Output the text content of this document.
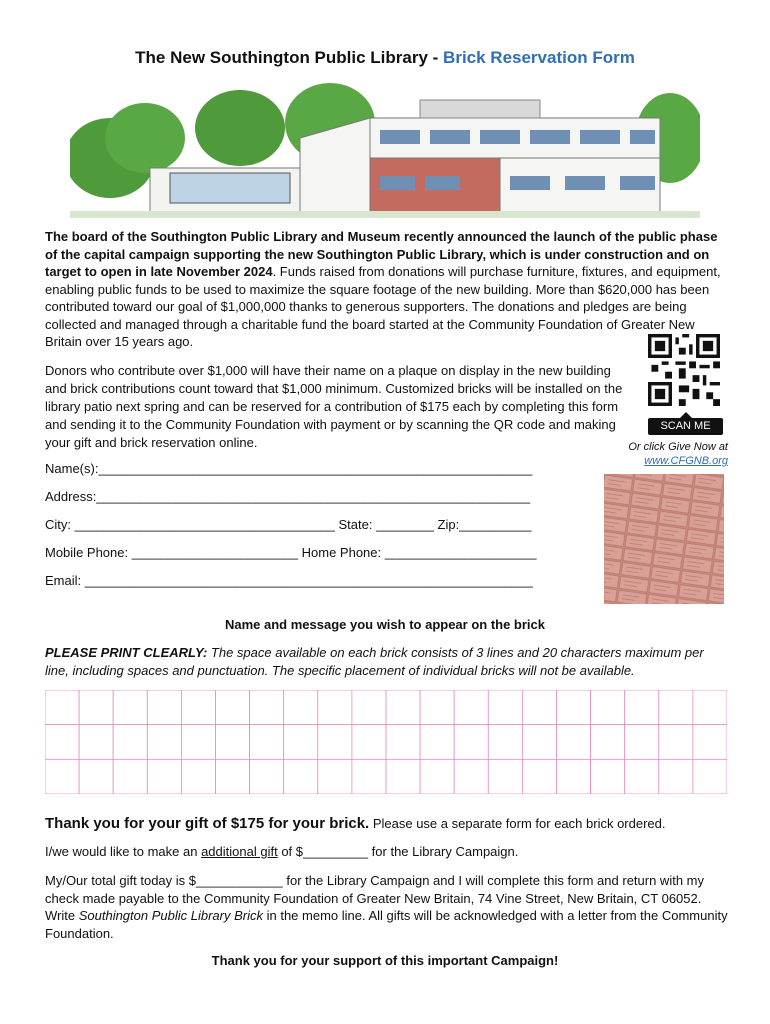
The New Southington Public Library - Brick Reservation Form
The board of the Southington Public Library and Museum recently announced the launch of the public phase of the capital campaign supporting the new Southington Public Library, which is under construction and on target to open in late November 2024. Funds raised from donations will purchase furniture, fixtures, and equipment, enabling public funds to be used to maximize the square footage of the new building. More than $620,000 has been contributed toward our goal of $1,000,000 thanks to generous supporters. The donations and pledges are being collected and managed through a charitable fund the board started at the Community Foundation of Greater New Britain over 15 years ago.
Donors who contribute over $1,000 will have their name on a plaque on display in the new building and brick contributions count toward that $1,000 minimum. Customized bricks will be installed on the library patio next spring and can be reserved for a contribution of $175 each by completing this form and sending it to the Community Foundation with payment or by scanning the QR code and making your gift and brick reservation online.
SCAN ME
Or click Give Now at
www.CFGNB.org
Name(s):____________________________________________________________
Address:____________________________________________________________
City: ____________________________________ State: ________ Zip:__________
Mobile Phone: _______________________ Home Phone: _____________________
Email: ______________________________________________________________
Name and message you wish to appear on the brick
PLEASE PRINT CLEARLY: The space available on each brick consists of 3 lines and 20 characters maximum per line, including spaces and punctuation. The specific placement of individual bricks will not be available.
Thank you for your gift of $175 for your brick. Please use a separate form for each brick ordered.
I/we would like to make an additional gift of $_________ for the Library Campaign.
My/Our total gift today is $____________ for the Library Campaign and I will complete this form and return with my check made payable to the Community Foundation of Greater New Britain, 74 Vine Street, New Britain, CT 06052. Write Southington Public Library Brick in the memo line. All gifts will be acknowledged with a letter from the Community Foundation.
Thank you for your support of this important Campaign!
